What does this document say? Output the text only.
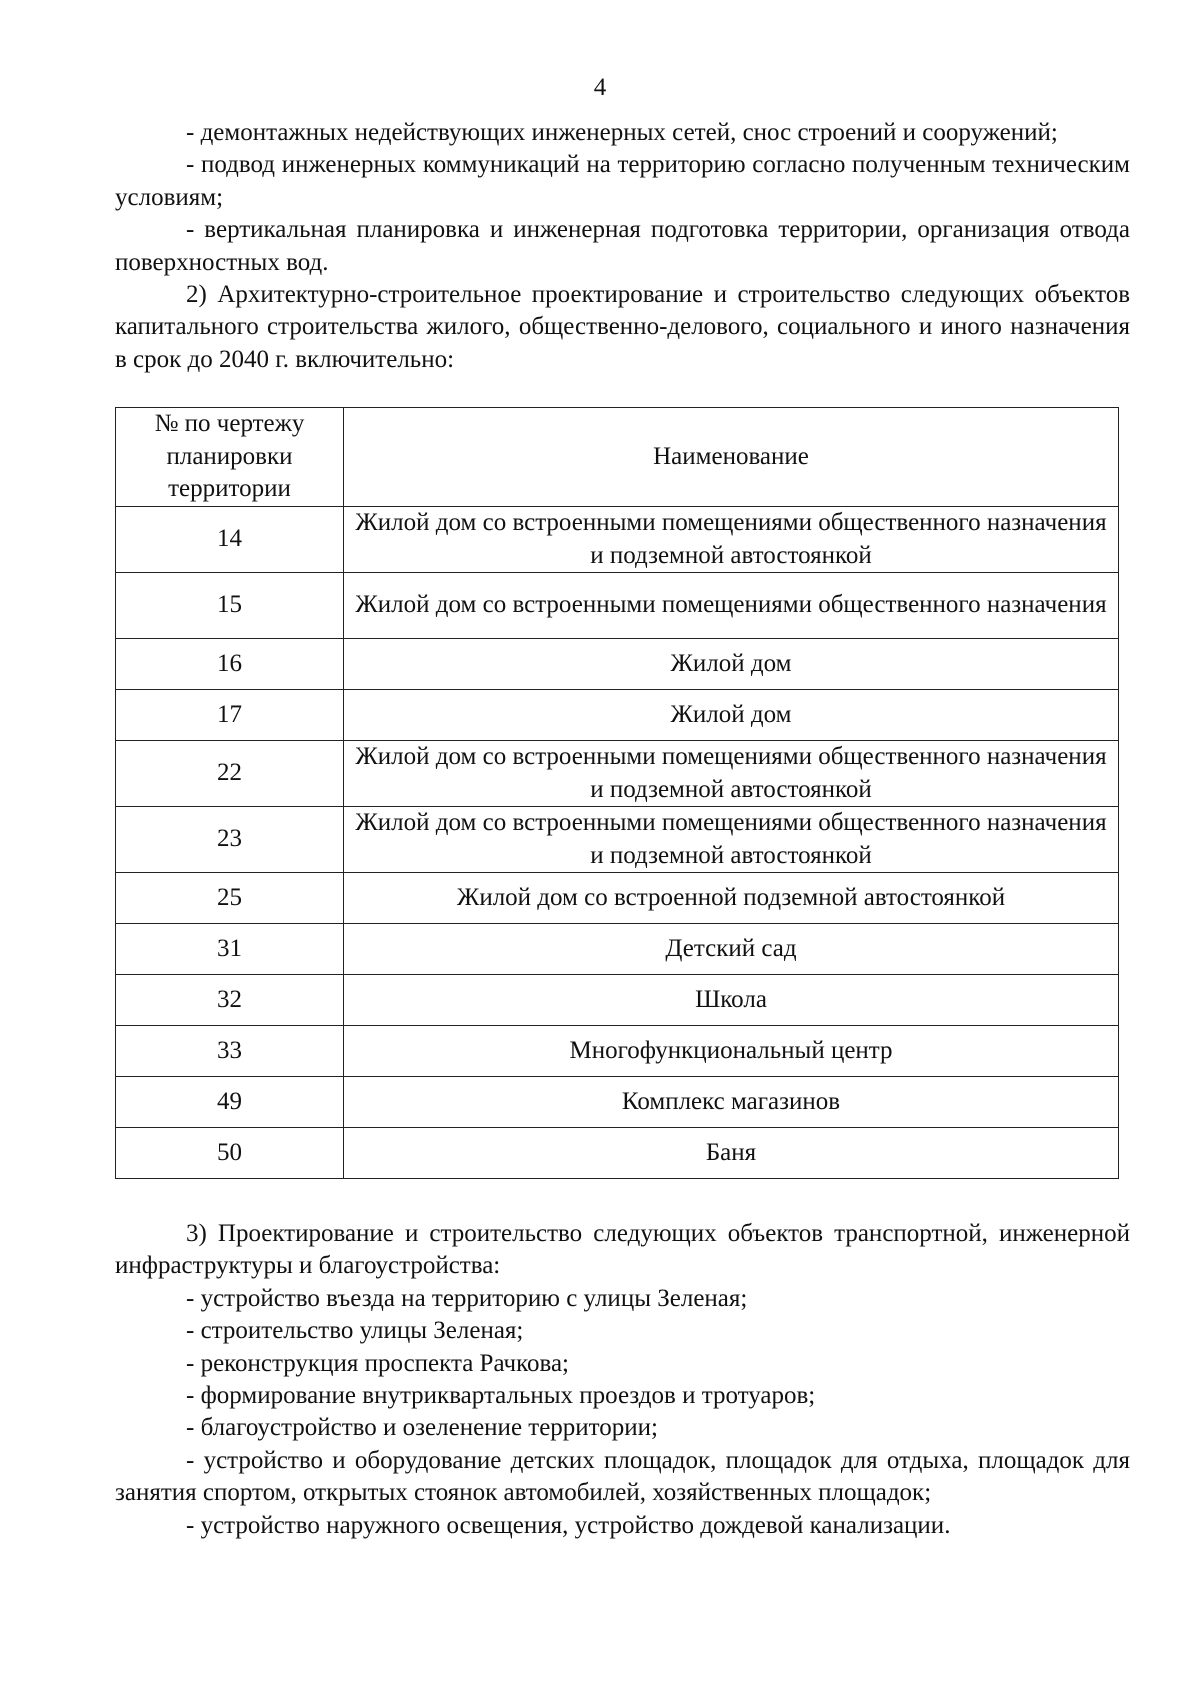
4

- демонтажных недействующих инженерных сетей, снос строений и сооружений;

- подвод инженерных коммуникаций на территорию согласно полученным техническим условиям;

- вертикальная планировка и инженерная подготовка территории, организация отвода поверхностных вод.

2) Архитектурно-строительное проектирование и строительство следующих объектов капитального строительства жилого, общественно-делового, социального и иного назначения в срок до 2040 г. включительно:

№ по чертежу планировки территории	Наименование
14	Жилой дом со встроенными помещениями общественного назначения и подземной автостоянкой
15	Жилой дом со встроенными помещениями общественного назначения
16	Жилой дом
17	Жилой дом
22	Жилой дом со встроенными помещениями общественного назначения и подземной автостоянкой
23	Жилой дом со встроенными помещениями общественного назначения и подземной автостоянкой
25	Жилой дом со встроенной подземной автостоянкой
31	Детский сад
32	Школа
33	Многофункциональный центр
49	Комплекс магазинов
50	Баня

3) Проектирование и строительство следующих объектов транспортной, инженерной инфраструктуры и благоустройства:

- устройство въезда на территорию с улицы Зеленая;

- строительство улицы Зеленая;

- реконструкция проспекта Рачкова;

- формирование внутриквартальных проездов и тротуаров;

- благоустройство и озеленение территории;

- устройство и оборудование детских площадок, площадок для отдыха, площадок для занятия спортом, открытых стоянок автомобилей, хозяйственных площадок;

- устройство наружного освещения, устройство дождевой канализации.
